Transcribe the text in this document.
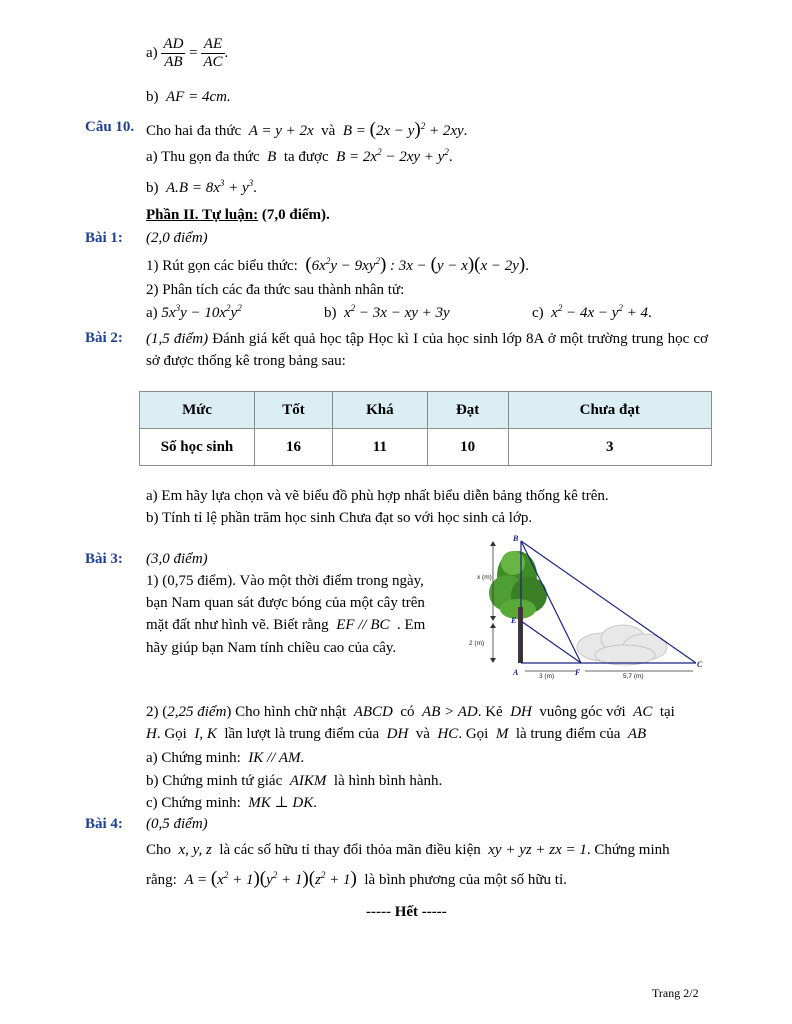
$a) \frac{AD}{AB} = \frac{AE}{AC}$ .
b) AF = 4cm.
Câu 10. Cho hai đa thức A = y + 2x và $B = (2x - y)^2 + 2xy$.
a) Thu gọn đa thức B ta được $B = 2x^2 - 2xy + y^2$.
b) $A.B = 8x^3 + y^3$.
Phần II. Tự luận: (7,0 điểm).
Bài 1: (2,0 điểm)
1) Rút gọn các biểu thức: $(6x^2y - 9xy^2)$ : 3x − (y − x)(x − 2y).
2) Phân tích các đa thức sau thành nhân tử:
a) $5x^3y - 10x^2y^2$	b) $x^2 - 3x$ − xy + 3y	c) $x^2 - 4x - y^2 + 4$.
Bài 2: (1,5 điểm) Đánh giá kết quả học tập Học kì I của học sinh lớp 8A ở một trường trung học cơ sở được thống kê trong bảng sau:
Mức	Tốt	Khá	Đạt	Chưa đạt
Số học sinh	16	11	10	3
a) Em hãy lựa chọn và vẽ biểu đồ phù hợp nhất biểu diễn bảng thống kê trên.
b) Tính tỉ lệ phần trăm học sinh Chưa đạt so với học sinh cả lớp.
Bài 3: (3,0 điểm)
1) (0,75 điểm). Vào một thời điểm trong ngày,
bạn Nam quan sát được bóng của một cây trên
mặt đất như hình vẽ. Biết rằng EF // BC . Em
hãy giúp bạn Nam tính chiều cao của cây.
B
E
A	F
C
x (m)
2 (m)
3 (m)	5,7 (m)
2) (2,25 điểm) Cho hình chữ nhật ABCD có AB > AD. Kẻ DH vuông góc với AC tại
H. Gọi I, K lần lượt là trung điểm của DH và HC. Gọi M là trung điểm của AB
a) Chứng minh: IK // AM.
b) Chứng minh tứ giác AIKM là hình bình hành.
c) Chứng minh: MK ⊥ DK.
Bài 4: (0,5 điểm)
Cho x, y, z là các số hữu tỉ thay đổi thỏa mãn điều kiện xy + yz + zx = 1. Chứng minh
rằng: $A = (x^2 + 1)(y^2 + 1)(z^2 + 1)$ là bình phương của một số hữu tỉ.
----- Hết -----
Trang 2/2
